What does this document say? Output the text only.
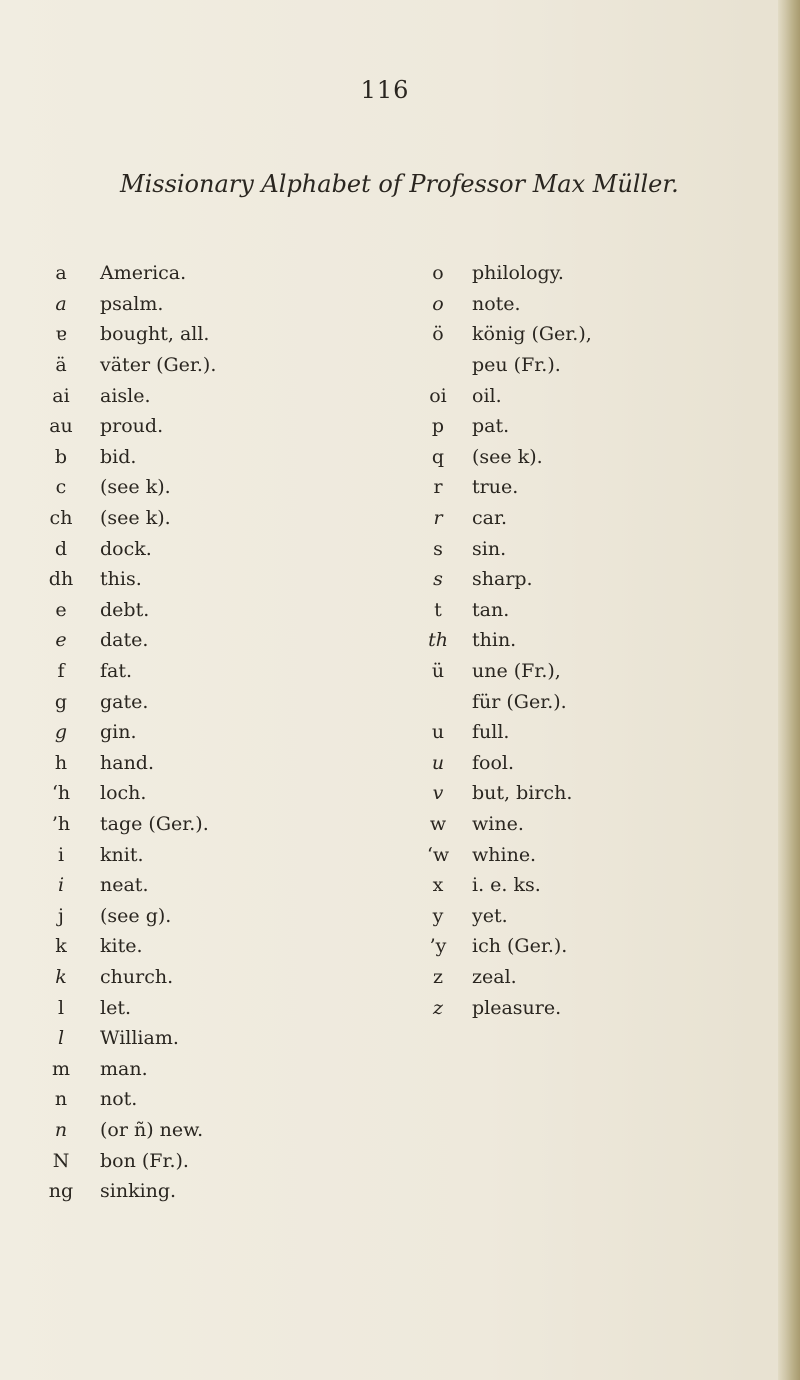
116
Missionary Alphabet of Professor Max Müller.
a	America.
a	psalm.
ɐ	bought, all.
ä	väter (Ger.).
ai	aisle.
au	proud.
b	bid.
c	(see k).
ch	(see k).
d	dock.
dh	this.
e	debt.
e	date.
f	fat.
g	gate.
g	gin.
h	hand.
‘h	loch.
’h	tage (Ger.).
i	knit.
i	neat.
j	(see g).
k	kite.
k	church.
l	let.
l	William.
m	man.
n	not.
n	(or ñ) new.
N	bon (Fr.).
ng	sinking.
o	philology.
o	note.
ö	könig (Ger.),
peu (Fr.).
oi	oil.
p	pat.
q	(see k).
r	true.
r	car.
s	sin.
s	sharp.
t	tan.
th	thin.
ü	une (Fr.),
für (Ger.).
u	full.
u	fool.
v	but, birch.
w	wine.
‘w	whine.
x	i. e. ks.
y	yet.
’y	ich (Ger.).
z	zeal.
z	pleasure.
